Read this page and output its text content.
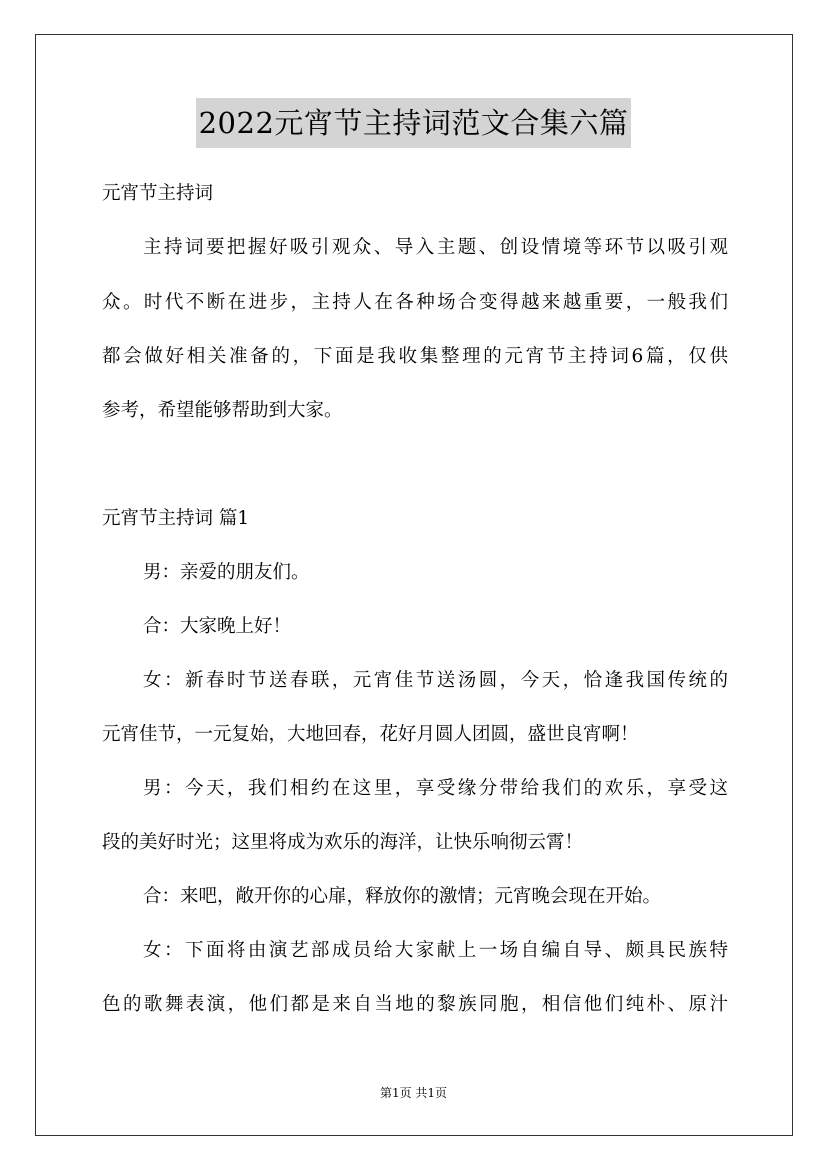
2022元宵节主持词范文合集六篇

元宵节主持词

主持词要把握好吸引观众、导入主题、创设情境等环节以吸引观

众。时代不断在进步，主持人在各种场合变得越来越重要，一般我们

都会做好相关准备的，下面是我收集整理的元宵节主持词6篇，仅供

参考，希望能够帮助到大家。

元宵节主持词 篇1

男：亲爱的朋友们。

合：大家晚上好！

女：新春时节送春联，元宵佳节送汤圆，今天，恰逢我国传统的

元宵佳节，一元复始，大地回春，花好月圆人团圆，盛世良宵啊！

男：今天，我们相约在这里，享受缘分带给我们的欢乐，享受这

段的美好时光；这里将成为欢乐的海洋，让快乐响彻云霄！

合：来吧，敞开你的心扉，释放你的激情；元宵晚会现在开始。

女：下面将由演艺部成员给大家献上一场自编自导、颇具民族特

色的歌舞表演，他们都是来自当地的黎族同胞，相信他们纯朴、原汁

第1页 共1页
